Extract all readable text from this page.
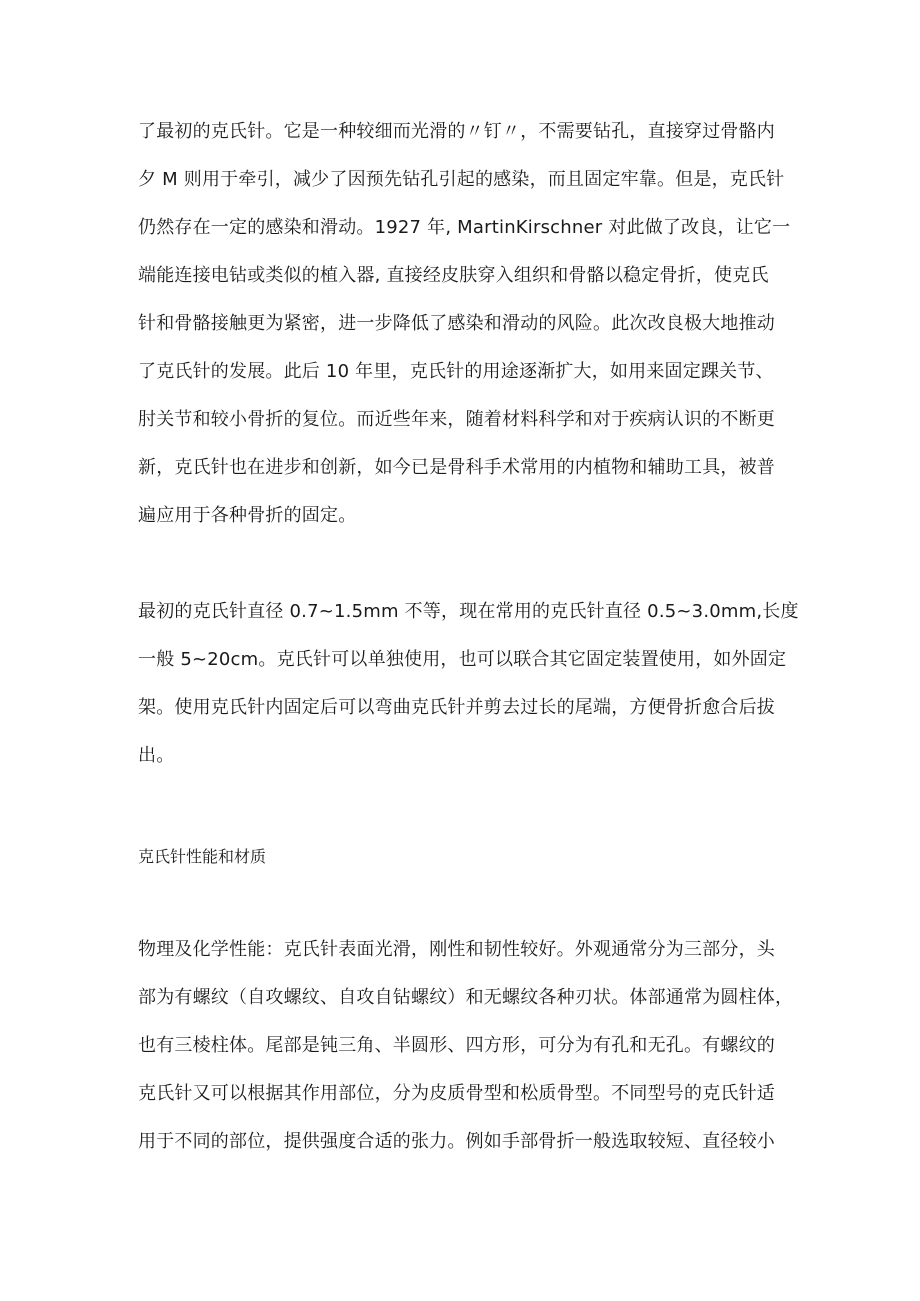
了最初的克氏针。它是一种较细而光滑的〃钉〃，不需要钻孔，直接穿过骨骼内
夕 M 则用于牵引，减少了因预先钻孔引起的感染，而且固定牢靠。但是，克氏针
仍然存在一定的感染和滑动。1927 年, MartinKirschner 对此做了改良，让它一
端能连接电钻或类似的植入器, 直接经皮肤穿入组织和骨骼以稳定骨折，使克氏
针和骨骼接触更为紧密，进一步降低了感染和滑动的风险。此次改良极大地推动
了克氏针的发展。此后 10 年里，克氏针的用途逐渐扩大，如用来固定踝关节、
肘关节和较小骨折的复位。而近些年来，随着材料科学和对于疾病认识的不断更
新，克氏针也在进步和创新，如今已是骨科手术常用的内植物和辅助工具，被普
遍应用于各种骨折的固定。
最初的克氏针直径 0.7~1.5mm 不等，现在常用的克氏针直径 0.5~3.0mm,长度
一般 5~20cm。克氏针可以单独使用，也可以联合其它固定装置使用，如外固定
架。使用克氏针内固定后可以弯曲克氏针并剪去过长的尾端，方便骨折愈合后拔
出。
克氏针性能和材质
物理及化学性能：克氏针表面光滑，刚性和韧性较好。外观通常分为三部分，头
部为有螺纹（自攻螺纹、自攻自钻螺纹）和无螺纹各种刃状。体部通常为圆柱体，
也有三棱柱体。尾部是钝三角、半圆形、四方形，可分为有孔和无孔。有螺纹的
克氏针又可以根据其作用部位，分为皮质骨型和松质骨型。不同型号的克氏针适
用于不同的部位，提供强度合适的张力。例如手部骨折一般选取较短、直径较小
